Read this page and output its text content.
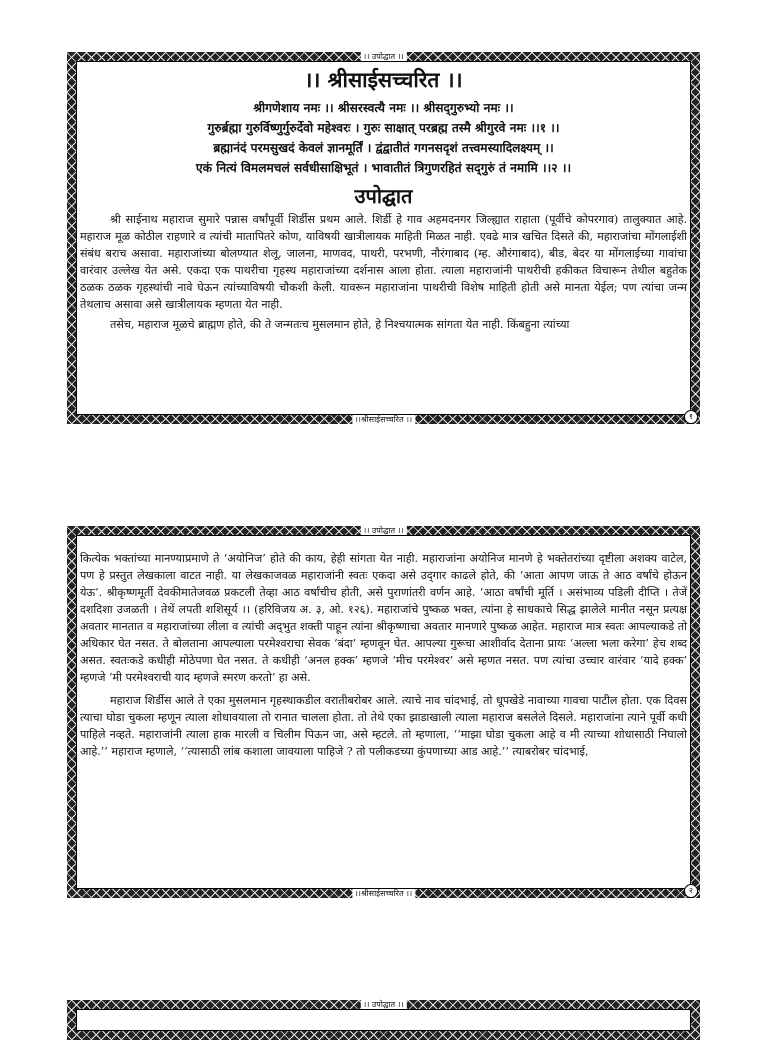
।। उपोद्घात ।।
।। श्रीसाईसच्चरित ।।
श्रीगणेशाय नमः ।। श्रीसरस्वत्यै नमः ।। श्रीसद्‌गुरुभ्यो नमः ।।
गुरुर्ब्रह्मा गुरुर्विष्णुर्गुरुर्देवो महेश्वरः । गुरुः साक्षात् परब्रह्म तस्मै श्रीगुरवे नमः ।।१ ।।
ब्रह्मानंदं परमसुखदं केवलं ज्ञानमूर्तिं । द्वंद्वातीतं गगनसदृशं तत्त्वमस्यादिलक्ष्यम् ।।
एकं नित्यं विमलमचलं सर्वधीसाक्षिभूतं । भावातीतं त्रिगुणरहितं सद्‌गुरुं तं नमामि ।।२ ।।
उपोद्घात

श्री साईनाथ महाराज सुमारे पन्नास वर्षांपूर्वी शिर्डीस प्रथम आले. शिर्डी हे गाव अहमदनगर जिल्ह्यात राहाता (पूर्वीचे कोपरगाव) तालुक्यात आहे. महाराज मूळ कोठील राहणारे व त्यांची मातापितरे कोण, याविषयी खात्रीलायक माहिती मिळत नाही. एवढे मात्र खचित दिसते की, महाराजांचा मोंगलाईशी संबंध बराच असावा. महाराजांच्या बोलण्यात शेलू, जालना, माणवद, पाथरी, परभणी, नौरंगाबाद (म्ह. औरंगाबाद), बीड, बेदर या मोंगलाईच्या गावांचा वारंवार उल्लेख येत असे. एकदा एक पाथरीचा गृहस्थ महाराजांच्या दर्शनास आला होता. त्याला महाराजांनी पाथरीची हकीकत विचारून तेथील बहुतेक ठळक ठळक गृहस्थांची नावे घेऊन त्यांच्याविषयी चौकशी केली. यावरून महाराजांना पाथरीची विशेष माहिती होती असे मानता येईल; पण त्यांचा जन्म तेथलाच असावा असे खात्रीलायक म्हणता येत नाही.

तसेच, महाराज मूळचे ब्राह्मण होते, की ते जन्मतःच मुसलमान होते, हे निश्चयात्मक सांगता येत नाही. किंबहुना त्यांच्या

।।श्रीसाईसच्चरित ।।	१
।। उपोद्घात ।।

कित्येक भक्तांच्या मानण्याप्रमाणे ते ‘अयोनिज’ होते की काय, हेही सांगता येत नाही. महाराजांना अयोनिज मानणे हे भक्तेतरांच्या दृष्टीला अशक्य वाटेल, पण हे प्रस्तुत लेखकाला वाटत नाही. या लेखकाजवळ महाराजांनी स्वतः एकदा असे उद्‌गार काढले होते, की ‘आता आपण जाऊ ते आठ वर्षांचे होऊन येऊ’. श्रीकृष्णमूर्ती देवकीमातेजवळ प्रकटली तेव्हा आठ वर्षांचीच होती, असे पुराणांतरी वर्णन आहे. ‘आठा वर्षांची मूर्ति । असंभाव्य पडिली दीप्ति । तेजें दशदिशा उजळती । तेथें लपती शशिसूर्य ।। (हरिविजय अ. ३, ओ. १२६). महाराजांचे पुष्कळ भक्त, त्यांना हे साधकाचे सिद्ध झालेले मानीत नसून प्रत्यक्ष अवतार मानतात व महाराजांच्या लीला व त्यांची अद्‌भुत शक्ती पाहून त्यांना श्रीकृष्णाचा अवतार मानणारे पुष्कळ आहेत. महाराज मात्र स्वतः आपल्याकडे तो अधिकार घेत नसत. ते बोलताना आपल्याला परमेश्वराचा सेवक ‘बंदा’ म्हणवून घेत. आपल्या गुरूचा आशीर्वाद देताना प्रायः ‘अल्ला भला करेगा’ हेच शब्द असत. स्वतःकडे कधीही मोठेपणा घेत नसत. ते कधीही ‘अनल हक्क’ म्हणजे ‘मीच परमेश्वर’ असे म्हणत नसत. पण त्यांचा उच्चार वारंवार ‘यादे हक्क’ म्हणजे ‘मी परमेश्वराची याद म्हणजे स्मरण करतो’ हा असे.

महाराज शिर्डीस आले ते एका मुसलमान गृहस्थाकडील वरातीबरोबर आले. त्याचे नाव चांदभाई, तो धूपखेडे नावाच्या गावचा पाटील होता. एक दिवस त्याचा घोडा चुकला म्हणून त्याला शोधावयाला तो रानात चालला होता. तो तेथे एका झाडाखाली त्याला महाराज बसलेले दिसले. महाराजांना त्याने पूर्वी कधी पाहिले नव्हते. महाराजांनी त्याला हाक मारली व चिलीम पिऊन जा, असे म्हटले. तो म्हणाला, ‘‘माझा घोडा चुकला आहे व मी त्याच्या शोधासाठी निघालो आहे.’’ महाराज म्हणाले, ‘‘त्यासाठी लांब कशाला जावयाला पाहिजे ? तो पलीकडच्या कुंपणाच्या आड आहे.’’ त्याबरोबर चांदभाई,

।।श्रीसाईसच्चरित ।।	२
।। उपोद्घात ।।
